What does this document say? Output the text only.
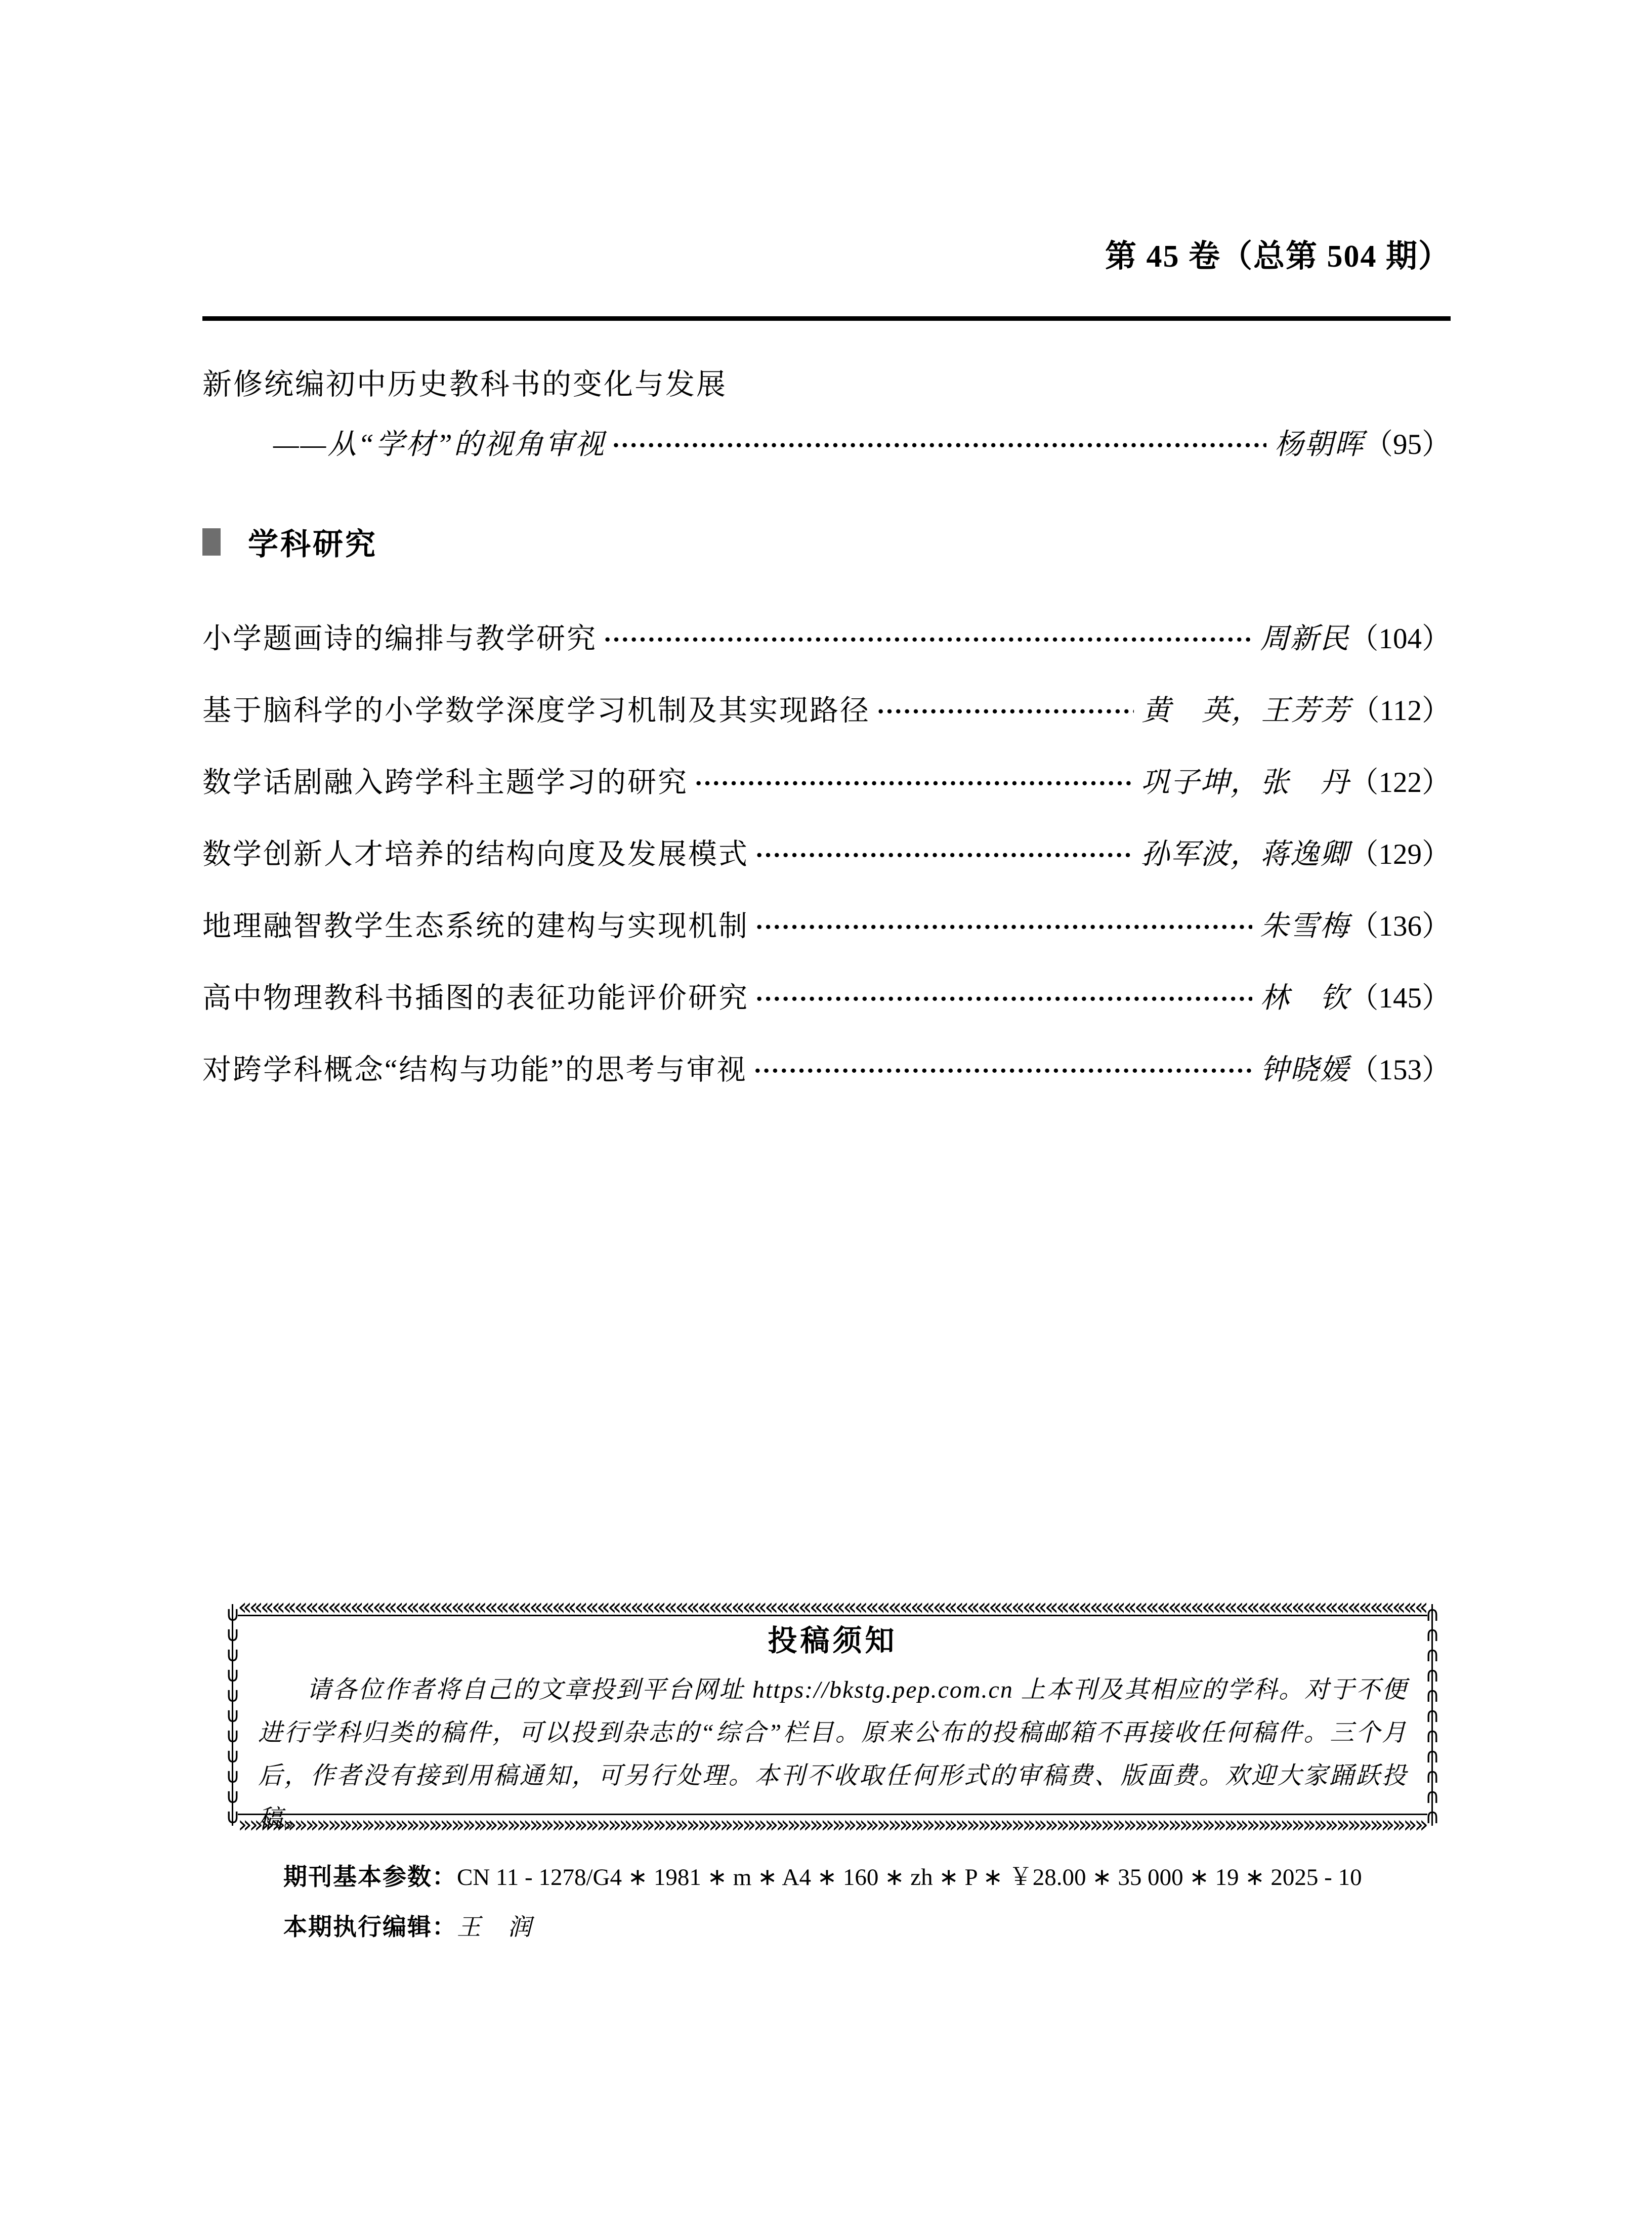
第 45 卷（总第 504 期）
新修统编初中历史教科书的变化与发展
——从“学材”的视角审视 ·····	杨朝晖 （95）
学科研究
小学题画诗的编排与教学研究 ·····	周新民 （104）
基于脑科学的小学数学深度学习机制及其实现路径 ·····	黄　英，王芳芳 （112）
数学话剧融入跨学科主题学习的研究 ·····	巩子坤，张　丹 （122）
数学创新人才培养的结构向度及发展模式 ·····	孙军波，蒋逸卿 （129）
地理融智教学生态系统的建构与实现机制 ·····	朱雪梅 （136）
高中物理教科书插图的表征功能评价研究 ·····	林　钦 （145）
对跨学科概念“结构与功能”的思考与审视 ·····	钟晓媛 （153）
««««««««««««««««««««««««««««««««««««««««««««««««««««««««««««««««««««««««««««««««««««««««««««««««««««««««««««««
»»»»»»»»»»»»»»»»»»»»»»»»»»»»»»»»»»»»»»»»»»»»»»»»»»»»»»»»»»»»»»»»»»»»»»»»»»»»»»»»»»»»»»»»»»»»»»»»»»»»»»»»»»»»»»
∪∪∪∪∪∪∪∪∪∪∪∪∪∪
∩∩∩∩∩∩∩∩∩∩∩∩∩∩
投稿须知
请各位作者将自己的文章投到平台网址 https://bkstg.pep.com.cn 上本刊及其相应的学科。对于不便进行学科归类的稿件，可以投到杂志的“综合”栏目。原来公布的投稿邮箱不再接收任何稿件。三个月后，作者没有接到用稿通知，可另行处理。本刊不收取任何形式的审稿费、版面费。欢迎大家踊跃投稿。
期刊基本参数：CN 11 - 1278/G4 ∗ 1981 ∗ m ∗ A4 ∗ 160 ∗ zh ∗ P ∗ ￥28.00 ∗ 35 000 ∗ 19 ∗ 2025 - 10
本期执行编辑：王　润
